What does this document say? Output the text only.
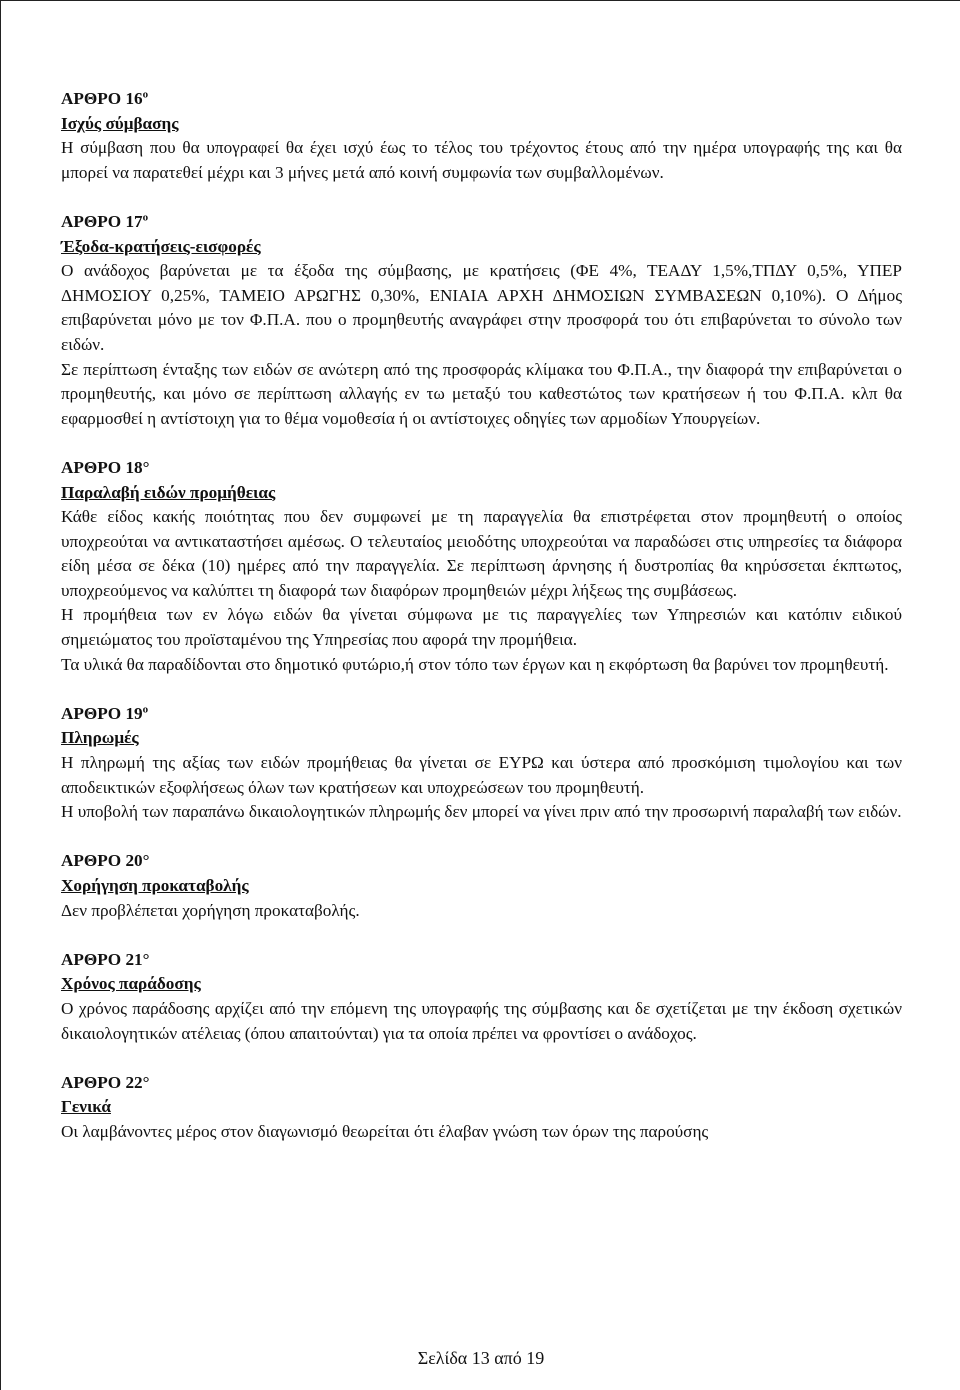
ΑΡΘΡΟ $16^o$
Ισχύς σύμβασης

Η σύμβαση που θα υπογραφεί θα έχει ισχύ έως το τέλος του τρέχοντος έτους από την ημέρα υπογραφής της και θα μπορεί να παρατεθεί μέχρι και 3 μήνες μετά από κοινή συμφωνία των συμβαλλομένων.

ΑΡΘΡΟ $17^o$
Έξοδα-κρατήσεις-εισφορές

Ο ανάδοχος βαρύνεται με τα έξοδα της σύμβασης, με κρατήσεις (ΦΕ 4%, ΤΕΑΔΥ 1,5%,ΤΠΔΥ 0,5%, ΥΠΕΡ ΔΗΜΟΣΙΟΥ 0,25%, ΤΑΜΕΙΟ ΑΡΩΓΗΣ 0,30%, ΕΝΙΑΙΑ ΑΡΧΗ ΔΗΜΟΣΙΩΝ ΣΥΜΒΑΣΕΩΝ 0,10%). Ο Δήμος επιβαρύνεται μόνο με τον Φ.Π.Α. που ο προμηθευτής αναγράφει στην προσφορά του ότι επιβαρύνεται το σύνολο των ειδών.

Σε περίπτωση ένταξης των ειδών σε ανώτερη από της προσφοράς κλίμακα του Φ.Π.Α., την διαφορά την επιβαρύνεται ο προμηθευτής, και μόνο σε περίπτωση αλλαγής εν τω μεταξύ του καθεστώτος των κρατήσεων ή του Φ.Π.Α. κλπ θα εφαρμοσθεί η αντίστοιχη για το θέμα νομοθεσία ή οι αντίστοιχες οδηγίες των αρμοδίων Υπουργείων.

ΑΡΘΡΟ 18°
Παραλαβή ειδών προμήθειας

Κάθε είδος κακής ποιότητας που δεν συμφωνεί με τη παραγγελία θα επιστρέφεται στον προμηθευτή ο οποίος υποχρεούται να αντικαταστήσει αμέσως. Ο τελευταίος μειοδότης υποχρεούται να παραδώσει στις υπηρεσίες τα διάφορα είδη μέσα σε δέκα (10) ημέρες από την παραγγελία. Σε περίπτωση άρνησης ή δυστροπίας θα κηρύσσεται έκπτωτος, υποχρεούμενος να καλύπτει τη διαφορά των διαφόρων προμηθειών μέχρι λήξεως της συμβάσεως.

Η προμήθεια των εν λόγω ειδών θα γίνεται σύμφωνα με τις παραγγελίες των Υπηρεσιών και κατόπιν ειδικού σημειώματος του προϊσταμένου της Υπηρεσίας που αφορά την προμήθεια.

Τα υλικά θα παραδίδονται στο δημοτικό φυτώριο,ή στον τόπο των έργων και η εκφόρτωση θα βαρύνει τον προμηθευτή.

ΑΡΘΡΟ $19^o$
Πληρωμές

Η πληρωμή της αξίας των ειδών προμήθειας θα γίνεται σε ΕΥΡΩ και ύστερα από προσκόμιση τιμολογίου και των αποδεικτικών εξοφλήσεως όλων των κρατήσεων και υποχρεώσεων του προμηθευτή.

Η υποβολή των παραπάνω δικαιολογητικών πληρωμής δεν μπορεί να γίνει πριν από την προσωρινή παραλαβή των ειδών.

ΑΡΘΡΟ 20°
Χορήγηση προκαταβολής

Δεν προβλέπεται χορήγηση προκαταβολής.

ΑΡΘΡΟ 21°
Χρόνος παράδοσης

Ο χρόνος παράδοσης αρχίζει από την επόμενη της υπογραφής της σύμβασης και δε σχετίζεται με την έκδοση σχετικών δικαιολογητικών ατέλειας (όπου απαιτούνται) για τα οποία πρέπει να φροντίσει ο ανάδοχος.

ΑΡΘΡΟ 22°
Γενικά

Οι λαμβάνοντες μέρος στον διαγωνισμό θεωρείται ότι έλαβαν γνώση των όρων της παρούσης

Σελίδα 13 από 19
